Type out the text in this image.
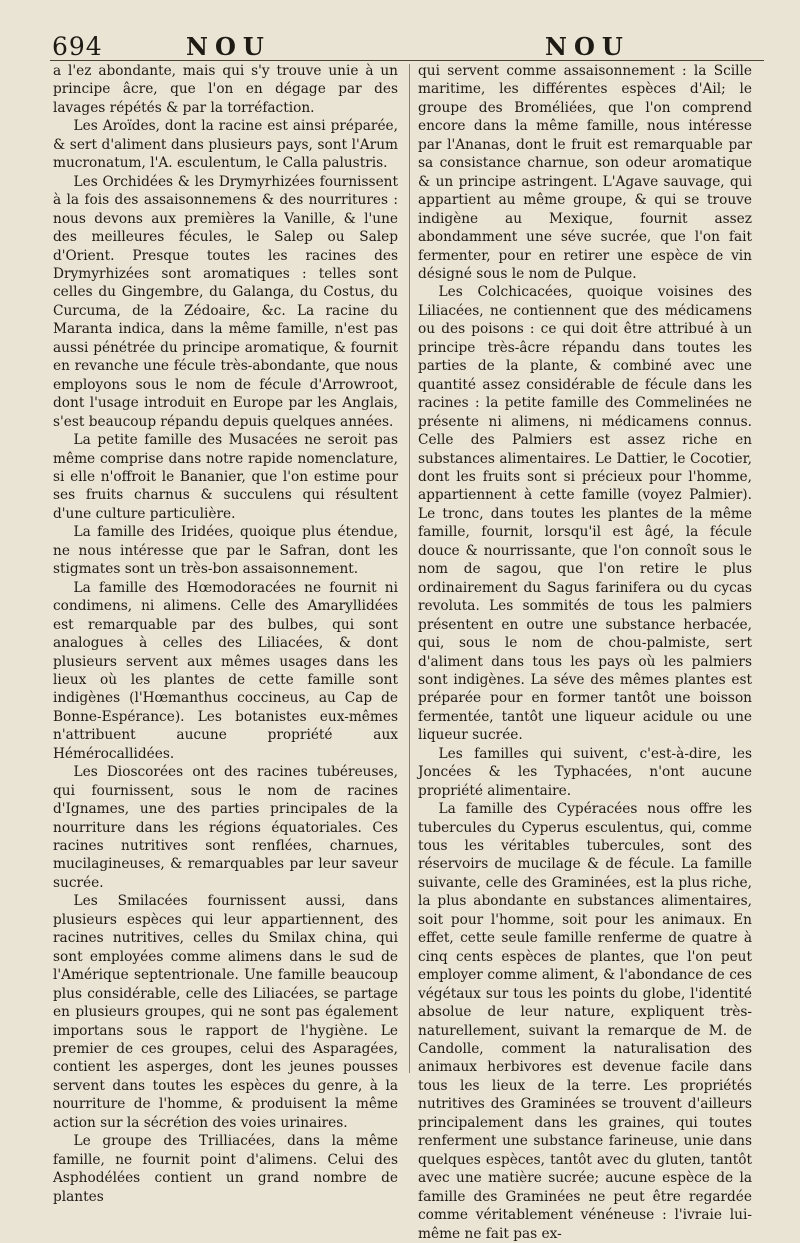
694	NOU	NOU

a l'ez abondante, mais qui s'y trouve unie à un principe âcre, que l'on en dégage par des lavages répétés & par la torréfaction.

Les Aroïdes, dont la racine est ainsi préparée, & sert d'aliment dans plusieurs pays, sont l'Arum mucronatum, l'A. esculentum, le Calla palustris.

Les Orchidées & les Drymyrhizées fournissent à la fois des assaisonnemens & des nourritures : nous devons aux premières la Vanille, & l'une des meilleures fécules, le Salep ou Salep d'Orient. Presque toutes les racines des Drymyrhizées sont aromatiques : telles sont celles du Gingembre, du Galanga, du Costus, du Curcuma, de la Zédoaire, &c. La racine du Maranta indica, dans la même famille, n'est pas aussi pénétrée du principe aromatique, & fournit en revanche une fécule très-abondante, que nous employons sous le nom de fécule d'Arrowroot, dont l'usage introduit en Europe par les Anglais, s'est beaucoup répandu depuis quelques années.

La petite famille des Musacées ne seroit pas même comprise dans notre rapide nomenclature, si elle n'offroit le Bananier, que l'on estime pour ses fruits charnus & succulens qui résultent d'une culture particulière.

La famille des Iridées, quoique plus étendue, ne nous intéresse que par le Safran, dont les stigmates sont un très-bon assaisonnement.

La famille des Hœmodoracées ne fournit ni condimens, ni alimens. Celle des Amaryllidées est remarquable par des bulbes, qui sont analogues à celles des Liliacées, & dont plusieurs servent aux mêmes usages dans les lieux où les plantes de cette famille sont indigènes (l'Hœmanthus coccineus, au Cap de Bonne-Espérance). Les botanistes eux-mêmes n'attribuent aucune propriété aux Hémérocallidées.

Les Dioscorées ont des racines tubéreuses, qui fournissent, sous le nom de racines d'Ignames, une des parties principales de la nourriture dans les régions équatoriales. Ces racines nutritives sont renflées, charnues, mucilagineuses, & remarquables par leur saveur sucrée.

Les Smilacées fournissent aussi, dans plusieurs espèces qui leur appartiennent, des racines nutritives, celles du Smilax china, qui sont employées comme alimens dans le sud de l'Amérique septentrionale. Une famille beaucoup plus considérable, celle des Liliacées, se partage en plusieurs groupes, qui ne sont pas également importans sous le rapport de l'hygiène. Le premier de ces groupes, celui des Asparagées, contient les asperges, dont les jeunes pousses servent dans toutes les espèces du genre, à la nourriture de l'homme, & produisent la même action sur la sécrétion des voies urinaires.

Le groupe des Trilliacées, dans la même famille, ne fournit point d'alimens. Celui des Asphodélées contient un grand nombre de plantes

qui servent comme assaisonnement : la Scille maritime, les différentes espèces d'Ail; le groupe des Broméliées, que l'on comprend encore dans la même famille, nous intéresse par l'Ananas, dont le fruit est remarquable par sa consistance charnue, son odeur aromatique & un principe astringent. L'Agave sauvage, qui appartient au même groupe, & qui se trouve indigène au Mexique, fournit assez abondamment une séve sucrée, que l'on fait fermenter, pour en retirer une espèce de vin désigné sous le nom de Pulque.

Les Colchicacées, quoique voisines des Liliacées, ne contiennent que des médicamens ou des poisons : ce qui doit être attribué à un principe très-âcre répandu dans toutes les parties de la plante, & combiné avec une quantité assez considérable de fécule dans les racines : la petite famille des Commelinées ne présente ni alimens, ni médicamens connus. Celle des Palmiers est assez riche en substances alimentaires. Le Dattier, le Cocotier, dont les fruits sont si précieux pour l'homme, appartiennent à cette famille (voyez Palmier). Le tronc, dans toutes les plantes de la même famille, fournit, lorsqu'il est âgé, la fécule douce & nourrissante, que l'on connoît sous le nom de sagou, que l'on retire le plus ordinairement du Sagus farinifera ou du cycas revoluta. Les sommités de tous les palmiers présentent en outre une substance herbacée, qui, sous le nom de chou-palmiste, sert d'aliment dans tous les pays où les palmiers sont indigènes. La séve des mêmes plantes est préparée pour en former tantôt une boisson fermentée, tantôt une liqueur acidule ou une liqueur sucrée.

Les familles qui suivent, c'est-à-dire, les Joncées & les Typhacées, n'ont aucune propriété alimentaire.

La famille des Cypéracées nous offre les tubercules du Cyperus esculentus, qui, comme tous les véritables tubercules, sont des réservoirs de mucilage & de fécule. La famille suivante, celle des Graminées, est la plus riche, la plus abondante en substances alimentaires, soit pour l'homme, soit pour les animaux. En effet, cette seule famille renferme de quatre à cinq cents espèces de plantes, que l'on peut employer comme aliment, & l'abondance de ces végétaux sur tous les points du globe, l'identité absolue de leur nature, expliquent très-naturellement, suivant la remarque de M. de Candolle, comment la naturalisation des animaux herbivores est devenue facile dans tous les lieux de la terre. Les propriétés nutritives des Graminées se trouvent d'ailleurs principalement dans les graines, qui toutes renferment une substance farineuse, unie dans quelques espèces, tantôt avec du gluten, tantôt avec une matière sucrée; aucune espèce de la famille des Graminées ne peut être regardée comme véritablement vénéneuse : l'ivraie lui-même ne fait pas ex-
